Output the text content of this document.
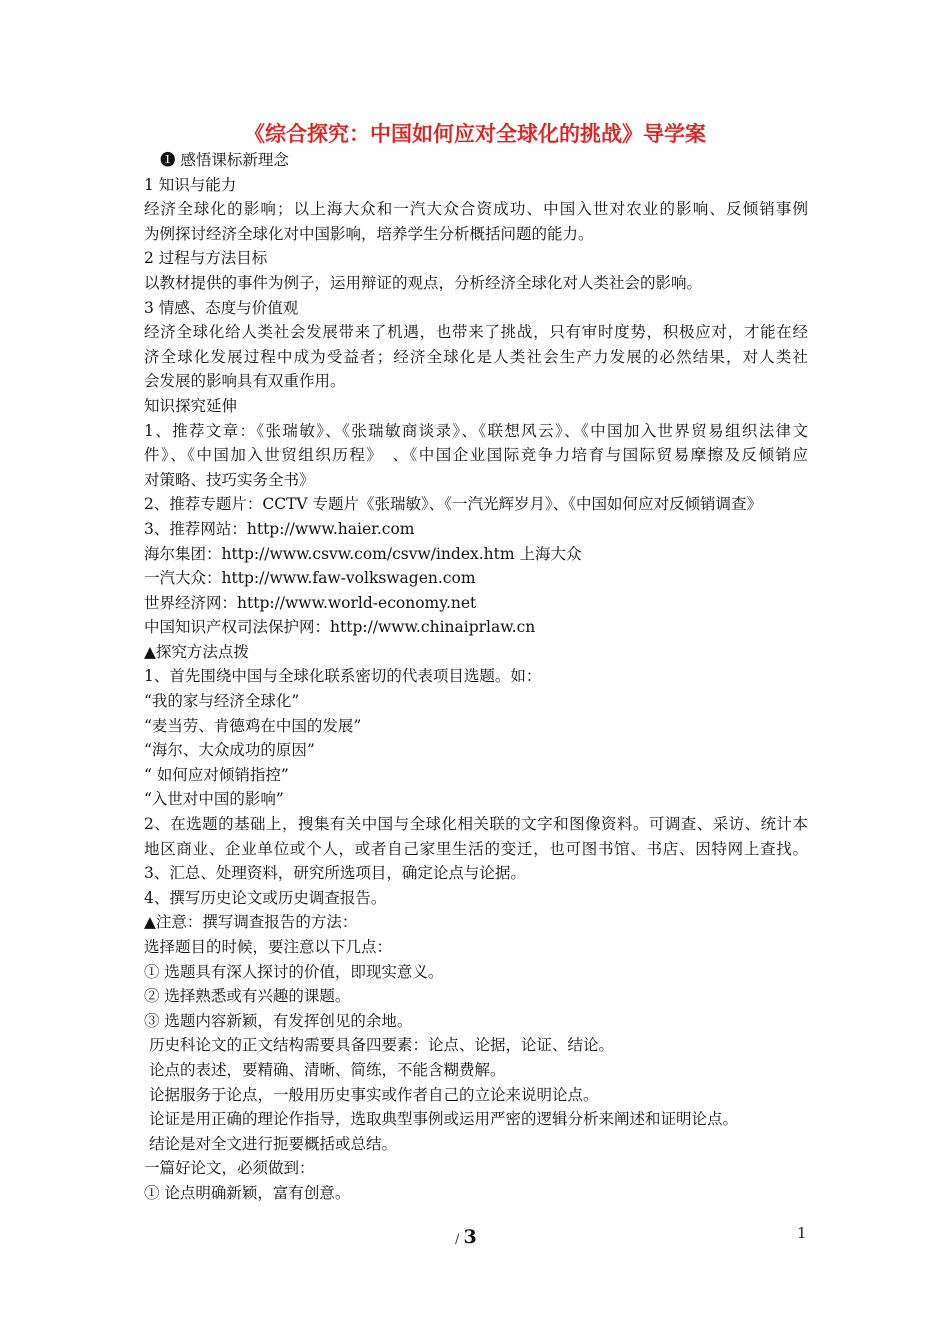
《综合探究：中国如何应对全球化的挑战》导学案
❶ 感悟课标新理念
1 知识与能力
经济全球化的影响；以上海大众和一汽大众合资成功、中国入世对农业的影响、反倾销事例
为例探讨经济全球化对中国影响，培养学生分析概括问题的能力。
2 过程与方法目标
以教材提供的事件为例子，运用辩证的观点，分析经济全球化对人类社会的影响。
3 情感、态度与价值观
经济全球化给人类社会发展带来了机遇，也带来了挑战，只有审时度势，积极应对，才能在经
济全球化发展过程中成为受益者；经济全球化是人类社会生产力发展的必然结果，对人类社
会发展的影响具有双重作用。
知识探究延伸
1、推荐文章：《张瑞敏》、《张瑞敏商谈录》、《联想风云》、《中国加入世界贸易组织法律文
件》、《中国加入世贸组织历程》　、《中国企业国际竞争力培育与国际贸易摩擦及反倾销应
对策略、技巧实务全书》
2、推荐专题片：CCTV 专题片《张瑞敏》、《一汽光辉岁月》、《中国如何应对反倾销调查》
3、推荐网站：http://www.haier.com
海尔集团：http://www.csvw.com/csvw/index.htm 上海大众
一汽大众：http://www.faw-volkswagen.com
世界经济网：http://www.world-economy.net
中国知识产权司法保护网：http://www.chinaiprlaw.cn
▲探究方法点拨
1、首先围绕中国与全球化联系密切的代表项目选题。如：
“我的家与经济全球化”
“麦当劳、肯德鸡在中国的发展”
“海尔、大众成功的原因”
“ 如何应对倾销指控”
“入世对中国的影响”
2、在选题的基础上，搜集有关中国与全球化相关联的文字和图像资料。可调查、采访、统计本
地区商业、企业单位或个人，或者自己家里生活的变迁，也可图书馆、书店、因特网上查找。
3、汇总、处理资料，研究所选项目，确定论点与论据。
4、撰写历史论文或历史调查报告。
▲注意：撰写调查报告的方法：
选择题目的时候，要注意以下几点：
① 选题具有深人探讨的价值，即现实意义。
② 选择熟悉或有兴趣的课题。
③ 选题内容新颖，有发挥创见的余地。
历史科论文的正文结构需要具备四要素：论点、论据，论证、结论。
论点的表述，要精确、清晰、简练，不能含糊费解。
论据服务于论点，一般用历史事实或作者自己的立论来说明论点。
论证是用正确的理论作指导，选取典型事例或运用严密的逻辑分析来阐述和证明论点。
结论是对全文进行扼要概括或总结。
一篇好论文，必须做到：
① 论点明确新颖，富有创意。
/ 3	1
